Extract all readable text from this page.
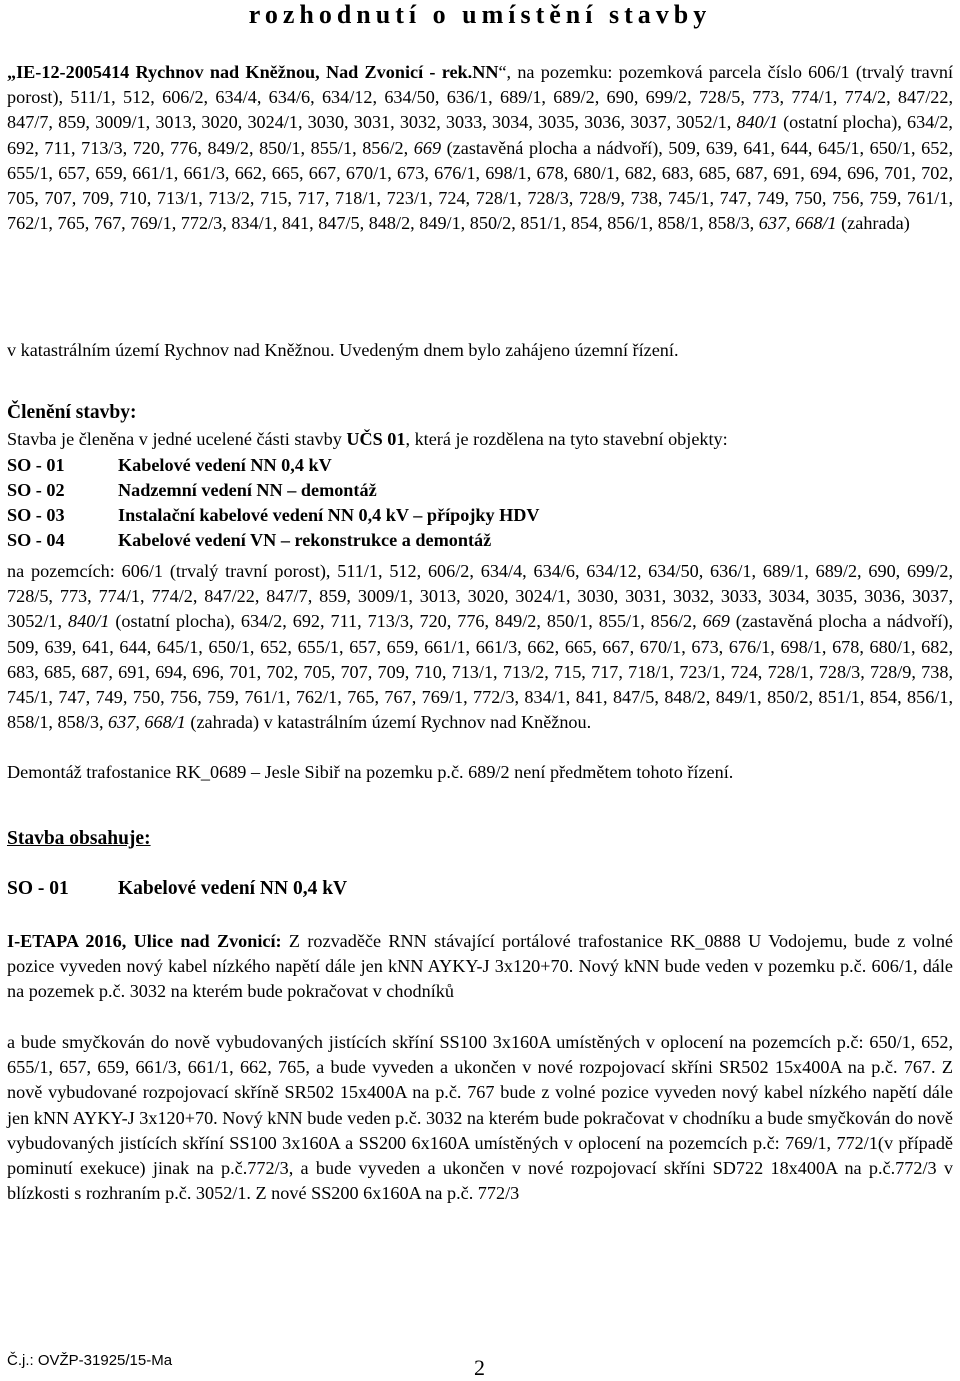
rozhodnutí o umístění stavby

„IE-12-2005414 Rychnov nad Kněžnou, Nad Zvonicí - rek.NN“, na pozemku: pozemková parcela číslo 606/1 (trvalý travní porost), 511/1, 512, 606/2, 634/4, 634/6, 634/12, 634/50, 636/1, 689/1, 689/2, 690, 699/2, 728/5, 773, 774/1, 774/2, 847/22, 847/7, 859, 3009/1, 3013, 3020, 3024/1, 3030, 3031, 3032, 3033, 3034, 3035, 3036, 3037, 3052/1, 840/1 (ostatní plocha), 634/2, 692, 711, 713/3, 720, 776, 849/2, 850/1, 855/1, 856/2, 669 (zastavěná plocha a nádvoří), 509, 639, 641, 644, 645/1, 650/1, 652, 655/1, 657, 659, 661/1, 661/3, 662, 665, 667, 670/1, 673, 676/1, 698/1, 678, 680/1, 682, 683, 685, 687, 691, 694, 696, 701, 702, 705, 707, 709, 710, 713/1, 713/2, 715, 717, 718/1, 723/1, 724, 728/1, 728/3, 728/9, 738, 745/1, 747, 749, 750, 756, 759, 761/1, 762/1, 765, 767, 769/1, 772/3, 834/1, 841, 847/5, 848/2, 849/1, 850/2, 851/1, 854, 856/1, 858/1, 858/3, 637, 668/1 (zahrada)

v katastrálním území Rychnov nad Kněžnou. Uvedeným dnem bylo zahájeno územní řízení.
Členění stavby:
Stavba je členěna v jedné ucelené části stavby UČS 01, která je rozdělena na tyto stavební objekty:
SO - 01	Kabelové vedení NN 0,4 kV
SO - 02	Nadzemní vedení NN – demontáž
SO - 03	Instalační kabelové vedení NN 0,4 kV – přípojky HDV
SO - 04	Kabelové vedení VN – rekonstrukce a demontáž

na pozemcích: 606/1 (trvalý travní porost), 511/1, 512, 606/2, 634/4, 634/6, 634/12, 634/50, 636/1, 689/1, 689/2, 690, 699/2, 728/5, 773, 774/1, 774/2, 847/22, 847/7, 859, 3009/1, 3013, 3020, 3024/1, 3030, 3031, 3032, 3033, 3034, 3035, 3036, 3037, 3052/1, 840/1 (ostatní plocha), 634/2, 692, 711, 713/3, 720, 776, 849/2, 850/1, 855/1, 856/2, 669 (zastavěná plocha a nádvoří), 509, 639, 641, 644, 645/1, 650/1, 652, 655/1, 657, 659, 661/1, 661/3, 662, 665, 667, 670/1, 673, 676/1, 698/1, 678, 680/1, 682, 683, 685, 687, 691, 694, 696, 701, 702, 705, 707, 709, 710, 713/1, 713/2, 715, 717, 718/1, 723/1, 724, 728/1, 728/3, 728/9, 738, 745/1, 747, 749, 750, 756, 759, 761/1, 762/1, 765, 767, 769/1, 772/3, 834/1, 841, 847/5, 848/2, 849/1, 850/2, 851/1, 854, 856/1, 858/1, 858/3, 637, 668/1 (zahrada) v katastrálním území Rychnov nad Kněžnou.

Demontáž trafostanice RK_0689 – Jesle Sibiř na pozemku p.č. 689/2 není předmětem tohoto řízení.
Stavba obsahuje:
SO - 01	Kabelové vedení NN 0,4 kV

I-ETAPA 2016, Ulice nad Zvonicí: Z rozvaděče RNN stávající portálové trafostanice RK_0888 U Vodojemu, bude z volné pozice vyveden nový kabel nízkého napětí dále jen kNN AYKY-J 3x120+70. Nový kNN bude veden v pozemku p.č. 606/1, dále na pozemek p.č. 3032 na kterém bude pokračovat v chodníků

a bude smyčkován do nově vybudovaných jistících skříní SS100 3x160A umístěných v oplocení na pozemcích p.č: 650/1, 652, 655/1, 657, 659, 661/3, 661/1, 662, 765, a bude vyveden a ukončen v nové rozpojovací skříni SR502 15x400A na p.č. 767. Z nově vybudované rozpojovací skříně SR502 15x400A na p.č. 767 bude z volné pozice vyveden nový kabel nízkého napětí dále jen kNN AYKY-J 3x120+70. Nový kNN bude veden p.č. 3032 na kterém bude pokračovat v chodníku a bude smyčkován do nově vybudovaných jistících skříní SS100 3x160A a SS200 6x160A umístěných v oplocení na pozemcích p.č: 769/1, 772/1(v případě pominutí exekuce) jinak na p.č.772/3, a bude vyveden a ukončen v nové rozpojovací skříni SD722 18x400A na p.č.772/3 v blízkosti s rozhraním p.č. 3052/1. Z nové SS200 6x160A na p.č. 772/3

Č.j.: OVŽP-31925/15-Ma	2
